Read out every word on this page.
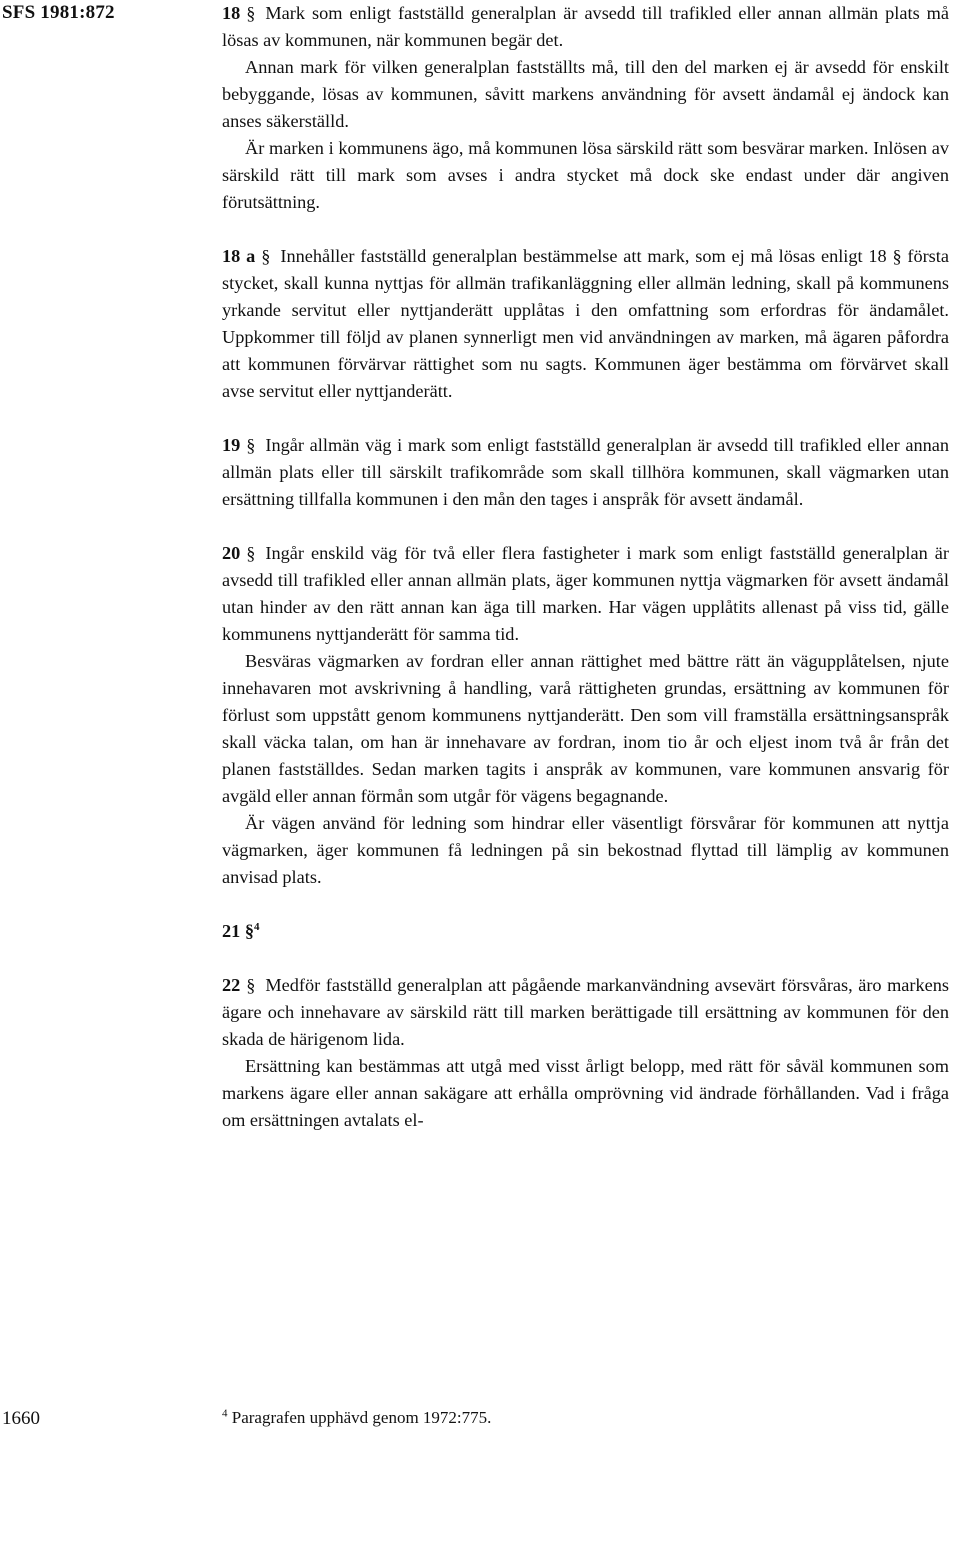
SFS 1981:872	18 § Mark som enligt fastställd generalplan är avsedd till trafikled eller annan allmän plats må lösas av kommunen, när kommunen begär det.

Annan mark för vilken generalplan fastställts må, till den del marken ej är avsedd för enskilt bebyggande, lösas av kommunen, såvitt markens användning för avsett ändamål ej ändock kan anses säkerställd.

Är marken i kommunens ägo, må kommunen lösa särskild rätt som besvärar marken. Inlösen av särskild rätt till mark som avses i andra stycket må dock ske endast under där angiven förutsättning.

18 a § Innehåller fastställd generalplan bestämmelse att mark, som ej må lösas enligt 18 § första stycket, skall kunna nyttjas för allmän trafikanläggning eller allmän ledning, skall på kommunens yrkande servitut eller nyttjanderätt upplåtas i den omfattning som erfordras för ändamålet. Uppkommer till följd av planen synnerligt men vid användningen av marken, må ägaren påfordra att kommunen förvärvar rättighet som nu sagts. Kommunen äger bestämma om förvärvet skall avse servitut eller nyttjanderätt.

19 § Ingår allmän väg i mark som enligt fastställd generalplan är avsedd till trafikled eller annan allmän plats eller till särskilt trafikområde som skall tillhöra kommunen, skall vägmarken utan ersättning tillfalla kommunen i den mån den tages i anspråk för avsett ändamål.

20 § Ingår enskild väg för två eller flera fastigheter i mark som enligt fastställd generalplan är avsedd till trafikled eller annan allmän plats, äger kommunen nyttja vägmarken för avsett ändamål utan hinder av den rätt annan kan äga till marken. Har vägen upplåtits allenast på viss tid, gälle kommunens nyttjanderätt för samma tid.

Besväras vägmarken av fordran eller annan rättighet med bättre rätt än vägupplåtelsen, njute innehavaren mot avskrivning å handling, varå rättigheten grundas, ersättning av kommunen för förlust som uppstått genom kommunens nyttjanderätt. Den som vill framställa ersättningsanspråk skall väcka talan, om han är innehavare av fordran, inom tio år och eljest inom två år från det planen fastställdes. Sedan marken tagits i anspråk av kommunen, vare kommunen ansvarig för avgäld eller annan förmån som utgår för vägens begagnande.

Är vägen använd för ledning som hindrar eller väsentligt försvårar för kommunen att nyttja vägmarken, äger kommunen få ledningen på sin bekostnad flyttad till lämplig av kommunen anvisad plats.

21 §$^4$

22 § Medför fastställd generalplan att pågående markanvändning avsevärt försvåras, äro markens ägare och innehavare av särskild rätt till marken berättigade till ersättning av kommunen för den skada de härigenom lida.

Ersättning kan bestämmas att utgå med visst årligt belopp, med rätt för såväl kommunen som markens ägare eller annan sakägare att erhålla omprövning vid ändrade förhållanden. Vad i fråga om ersättningen avtalats el-

1660	$^4$ Paragrafen upphävd genom 1972:775.
